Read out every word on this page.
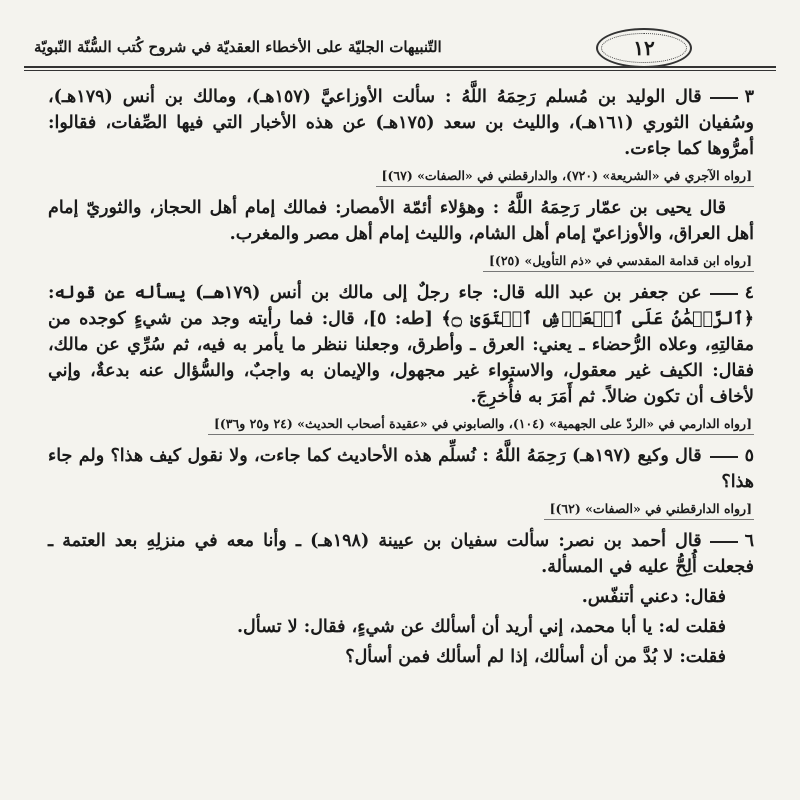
١٢
التّنبيهات الجليّة على الأخطاء العقديّة في شروح كُتب السُّنّة النّبويّة

٣قال الوليد بن مُسلم رَحِمَهُ اللَّهُ : سألت الأوزاعيَّ (١٥٧هـ)، ومالك بن أنس (١٧٩هـ)، وسُفيان الثوري (١٦١هـ)، والليث بن سعد (١٧٥هـ) عن هذه الأخبار التي فيها الصِّفات، فقالوا: أمرُّوها كما جاءت.

[رواه الآجري في «الشريعة» (٧٢٠)، والدارقطني في «الصفات» (٦٧)]

قال يحيى بن عمّار رَحِمَهُ اللَّهُ : وهؤلاء أئمّة الأمصار: فمالك إمام أهل الحجاز، والثوريّ إمام أهل العراق، والأوزاعيّ إمام أهل الشام، والليث إمام أهل مصر والمغرب.

[رواه ابن قدامة المقدسي في «ذم التأويل» (٢٥)]

٤عن جعفر بن عبد الله قال: جاء رجلٌ إلى مالك بن أنس (١٧٩هـ) يسأله عن قوله: ﴿ٱلرَّحۡمَٰنُ عَلَى ٱلۡعَرۡشِ ٱسۡتَوَىٰ ۝﴾ [طه: ٥]، قال: فما رأيته وجد من شيءٍ كوجده من مقالتِهِ، وعلاه الرُّحضاء ـ يعني: العرق ـ وأطرق، وجعلنا ننظر ما يأمر به فيه، ثم سُرِّي عن مالك، فقال: الكيف غير معقول، والاستواء غير مجهول، والإيمان به واجبٌ، والسُّؤال عنه بدعةٌ، وإني لأخاف أن تكون ضالاً. ثم أَمَرَ به فأُخرِجَ.

[رواه الدارمي في «الردّ على الجهمية» (١٠٤)، والصابوني في «عقيدة أصحاب الحديث» (٢٤ و٢٥ و٣٦)]

٥قال وكيع (١٩٧هـ) رَحِمَهُ اللَّهُ : نُسلِّم هذه الأحاديث كما جاءت، ولا نقول كيف هذا؟ ولم جاء هذا؟

[رواه الدارقطني في «الصفات» (٦٢)]

٦قال أحمد بن نصر: سألت سفيان بن عيينة (١٩٨هـ) ـ وأنا معه في منزلِهِ بعد العتمة ـ فجعلت أُلِحُّ عليه في المسألة.

فقال: دعني أتنفّس.

فقلت له: يا أبا محمد، إني أريد أن أسألك عن شيءٍ، فقال: لا تسأل.

فقلت: لا بُدَّ من أن أسألك، إذا لم أسألك فمن أسأل؟
